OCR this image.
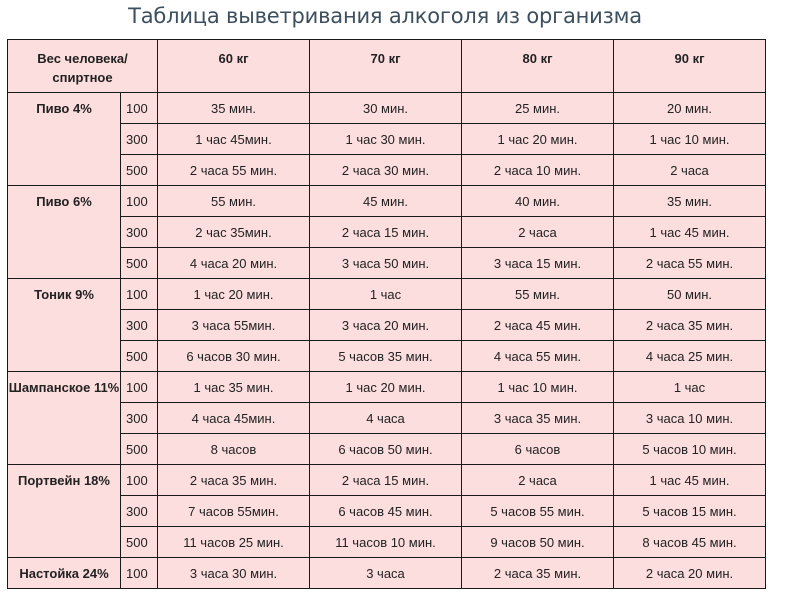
Таблица выветривания алкоголя из организма
Вес человека/ спиртное		60 кг	70 кг	80 кг	90 кг
Пиво 4%	100	35 мин.	30 мин.	25 мин.	20 мин.
	300	1 час 45мин.	1 час 30 мин.	1 час 20 мин.	1 час 10 мин.
	500	2 часа 55 мин.	2 часа 30 мин.	2 часа 10 мин.	2 часа
Пиво 6%	100	55 мин.	45 мин.	40 мин.	35 мин.
	300	2 час 35мин.	2 часа 15 мин.	2 часа	1 час 45 мин.
	500	4 часа 20 мин.	3 часа 50 мин.	3 часа 15 мин.	2 часа 55 мин.
Тоник 9%	100	1 час 20 мин.	1 час	55 мин.	50 мин.
	300	3 часа 55мин.	3 часа 20 мин.	2 часа 45 мин.	2 часа 35 мин.
	500	6 часов 30 мин.	5 часов 35 мин.	4 часа 55 мин.	4 часа 25 мин.
Шампанское 11%	100	1 час 35 мин.	1 час 20 мин.	1 час 10 мин.	1 час
	300	4 часа 45мин.	4 часа	3 часа 35 мин.	3 часа 10 мин.
	500	8 часов	6 часов 50 мин.	6 часов	5 часов 10 мин.
Портвейн 18%	100	2 часа 35 мин.	2 часа 15 мин.	2 часа	1 час 45 мин.
	300	7 часов 55мин.	6 часов 45 мин.	5 часов 55 мин.	5 часов 15 мин.
	500	11 часов 25 мин.	11 часов 10 мин.	9 часов 50 мин.	8 часов 45 мин.
Настойка 24%	100	3 часа 30 мин.	3 часа	2 часа 35 мин.	2 часа 20 мин.
